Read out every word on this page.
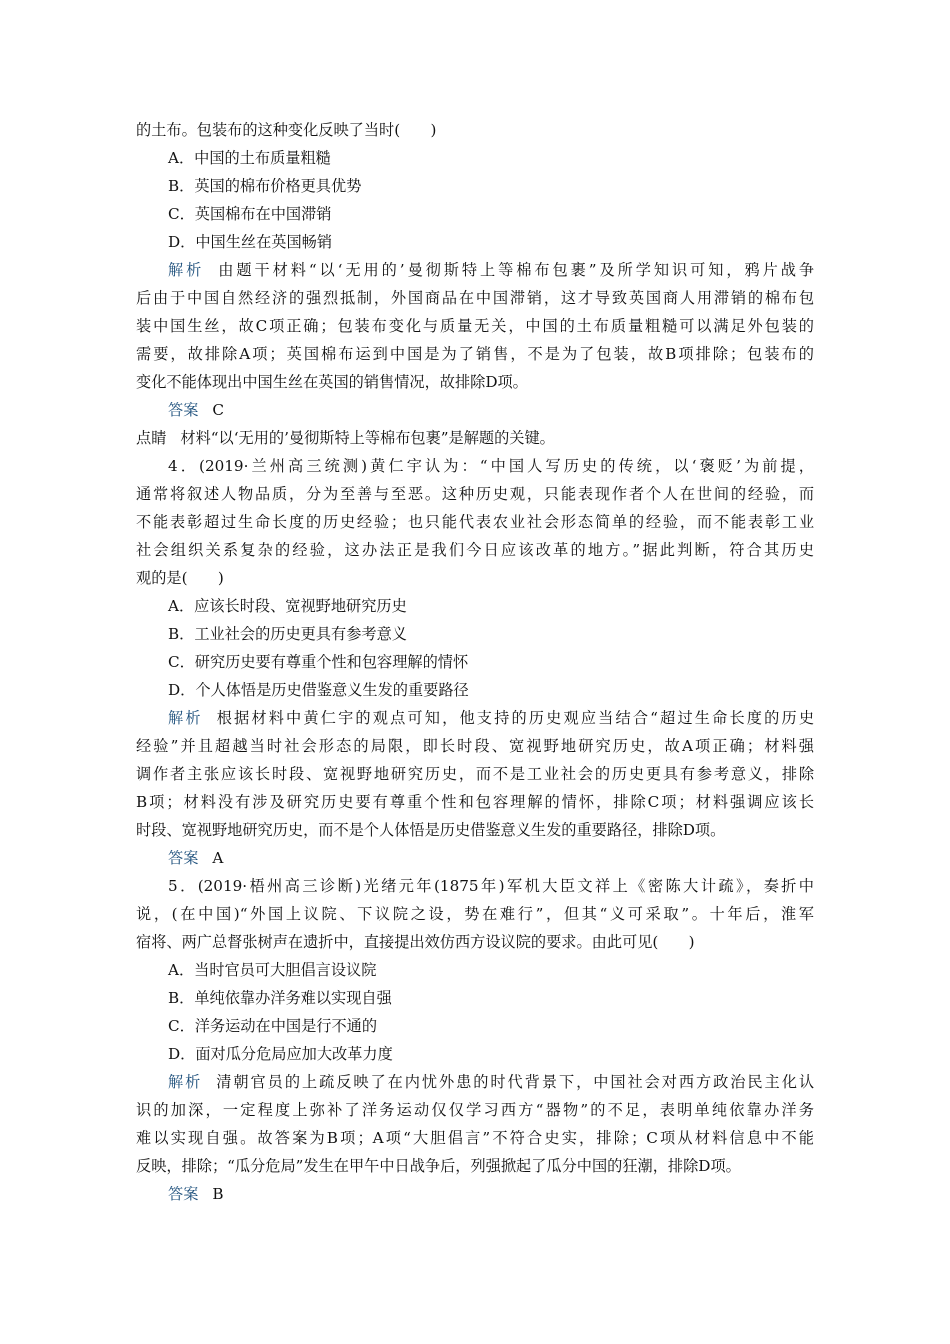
的土布。包装布的这种变化反映了当时(　　)
A．中国的土布质量粗糙
B．英国的棉布价格更具优势
C．英国棉布在中国滞销
D．中国生丝在英国畅销
解析 由题干材料“以‘无用的’曼彻斯特上等棉布包裹”及所学知识可知，鸦片战争
后由于中国自然经济的强烈抵制，外国商品在中国滞销，这才导致英国商人用滞销的棉布包
装中国生丝，故C项正确；包装布变化与质量无关，中国的土布质量粗糙可以满足外包装的
需要，故排除A项；英国棉布运到中国是为了销售，不是为了包装，故B项排除；包装布的
变化不能体现出中国生丝在英国的销售情况，故排除D项。
答案 C
点睛 材料“以‘无用的’曼彻斯特上等棉布包裹”是解题的关键。
4．(2019·兰州高三统测)黄仁宇认为：“中国人写历史的传统，以‘褒贬’为前提，
通常将叙述人物品质，分为至善与至恶。这种历史观，只能表现作者个人在世间的经验，而
不能表彰超过生命长度的历史经验；也只能代表农业社会形态简单的经验，而不能表彰工业
社会组织关系复杂的经验，这办法正是我们今日应该改革的地方。”据此判断，符合其历史
观的是(　　)
A．应该长时段、宽视野地研究历史
B．工业社会的历史更具有参考意义
C．研究历史要有尊重个性和包容理解的情怀
D．个人体悟是历史借鉴意义生发的重要路径
解析 根据材料中黄仁宇的观点可知，他支持的历史观应当结合“超过生命长度的历史
经验”并且超越当时社会形态的局限，即长时段、宽视野地研究历史，故A项正确；材料强
调作者主张应该长时段、宽视野地研究历史，而不是工业社会的历史更具有参考意义，排除
B项；材料没有涉及研究历史要有尊重个性和包容理解的情怀，排除C项；材料强调应该长
时段、宽视野地研究历史，而不是个人体悟是历史借鉴意义生发的重要路径，排除D项。
答案 A
5．(2019·梧州高三诊断)光绪元年(1875年)军机大臣文祥上《密陈大计疏》，奏折中
说，(在中国)“外国上议院、下议院之设，势在难行”，但其“义可采取”。十年后，淮军
宿将、两广总督张树声在遗折中，直接提出效仿西方设议院的要求。由此可见(　　)
A．当时官员可大胆倡言设议院
B．单纯依靠办洋务难以实现自强
C．洋务运动在中国是行不通的
D．面对瓜分危局应加大改革力度
解析 清朝官员的上疏反映了在内忧外患的时代背景下，中国社会对西方政治民主化认
识的加深，一定程度上弥补了洋务运动仅仅学习西方“器物”的不足，表明单纯依靠办洋务
难以实现自强。故答案为B项；A项“大胆倡言”不符合史实，排除；C项从材料信息中不能
反映，排除；“瓜分危局”发生在甲午中日战争后，列强掀起了瓜分中国的狂潮，排除D项。
答案 B
